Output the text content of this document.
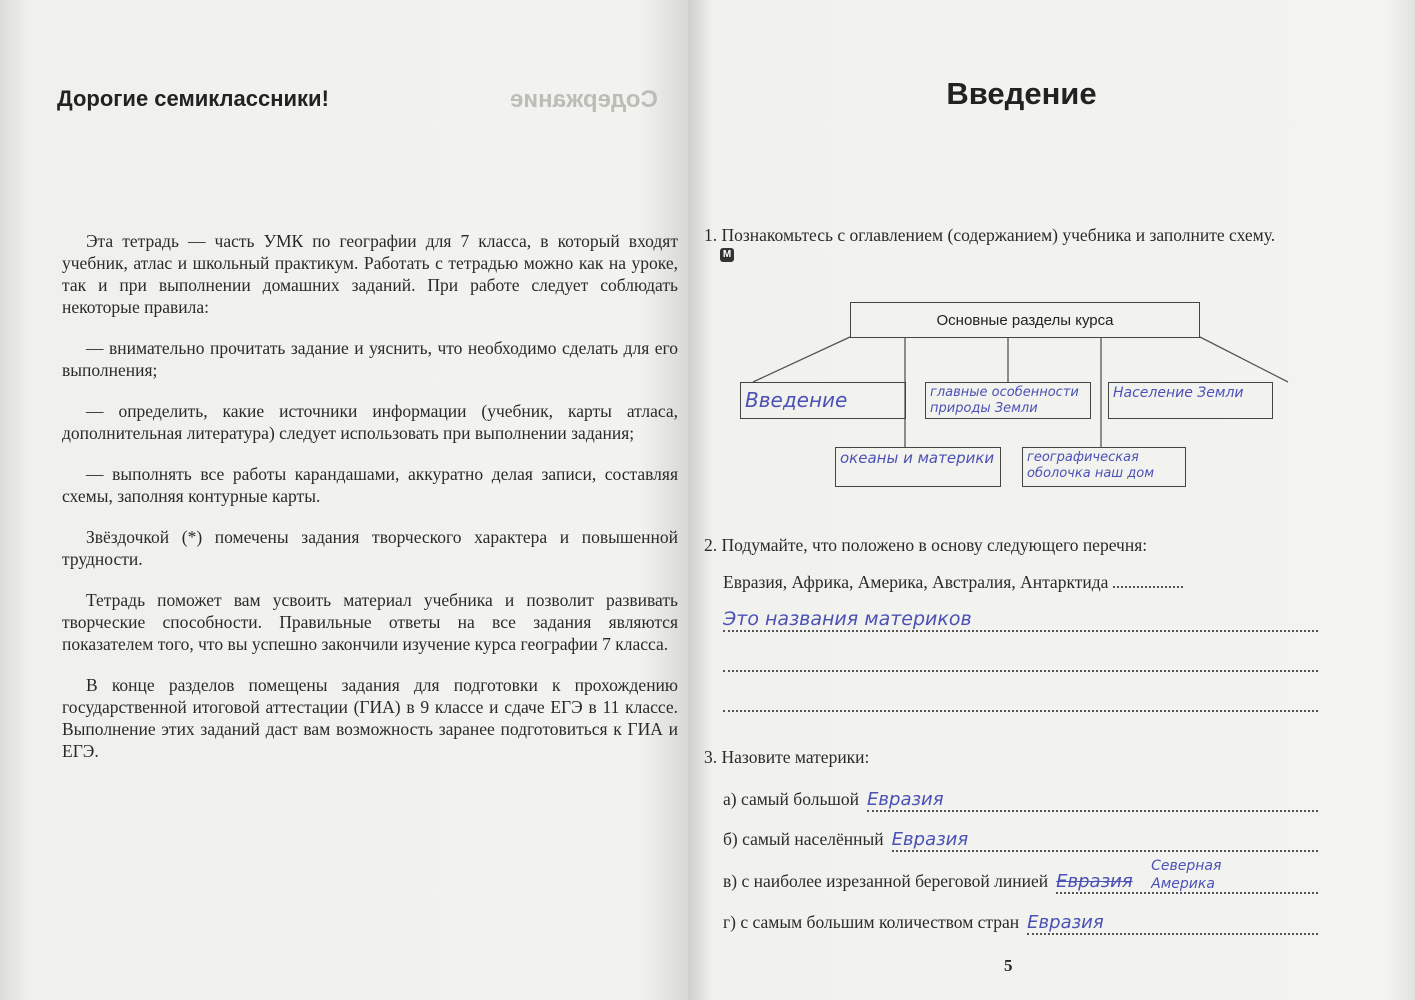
Содержание
Дорогие семиклассники!

Эта тетрадь — часть УМК по географии для 7 класса, в который входят учебник, атлас и школьный практикум. Работать с тетрадью можно как на уроке, так и при выполнении домашних заданий. При работе следует соблюдать некоторые правила:

— внимательно прочитать задание и уяснить, что необходимо сделать для его выполнения;

— определить, какие источники информации (учебник, карты атласа, дополнительная литература) следует использовать при выполнении задания;

— выполнять все работы карандашами, аккуратно делая записи, составляя схемы, заполняя контурные карты.

Звёздочкой (*) помечены задания творческого характера и повышенной трудности.

Тетрадь поможет вам усвоить материал учебника и позволит развивать творческие способности. Правильные ответы на все задания являются показателем того, что вы успешно закончили изучение курса географии 7 класса.

В конце разделов помещены задания для подготовки к прохождению государственной итоговой аттестации (ГИА) в 9 классе и сдаче ЕГЭ в 11 классе. Выполнение этих заданий даст вам возможность заранее подготовиться к ГИА и ЕГЭ.

Введение
1. Познакомьтесь с оглавлением (содержанием) учебника и заполните схему.
М
Основные разделы курса
Введение	главные особенности природы Земли
Население Земли
океаны и материки	географическая оболочка наш дом
2. Подумайте, что положено в основу следующего перечня:
Евразия, Африка, Америка, Австралия, Антарктида
Это названия материков
3. Назовите материки:
а) самый большой Евразия
б) самый населённый Евразия
в) с наиболее изрезанной береговой линией Евразия
Северная Америка
г) с самым большим количеством стран Евразия
5
